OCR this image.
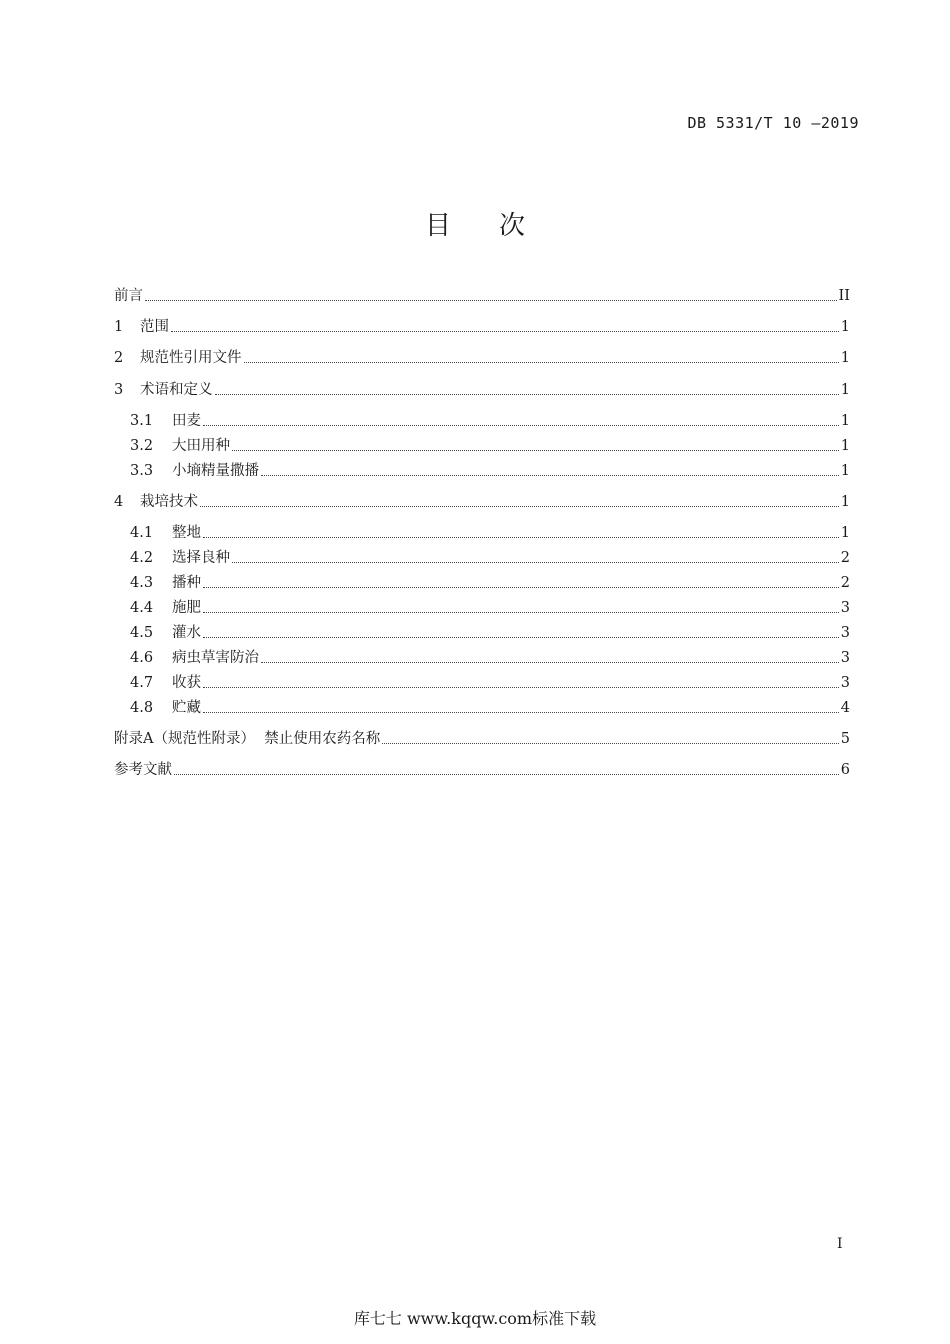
DB 5331/T 10 —2019
目 次
前言	II
1	范围	1
2	规范性引用文件	1
3	术语和定义	1
3.1	田麦	1
3.2	大田用种	1
3.3	小墒精量撒播	1
4	栽培技术	1
4.1	整地	1
4.2	选择良种	2
4.3	播种	2
4.4	施肥	3
4.5	灌水	3
4.6	病虫草害防治	3
4.7	收获	3
4.8	贮藏	4
附录A（规范性附录）  禁止使用农药名称	5
参考文献	6
I
库七七 www.kqqw.com标准下载
